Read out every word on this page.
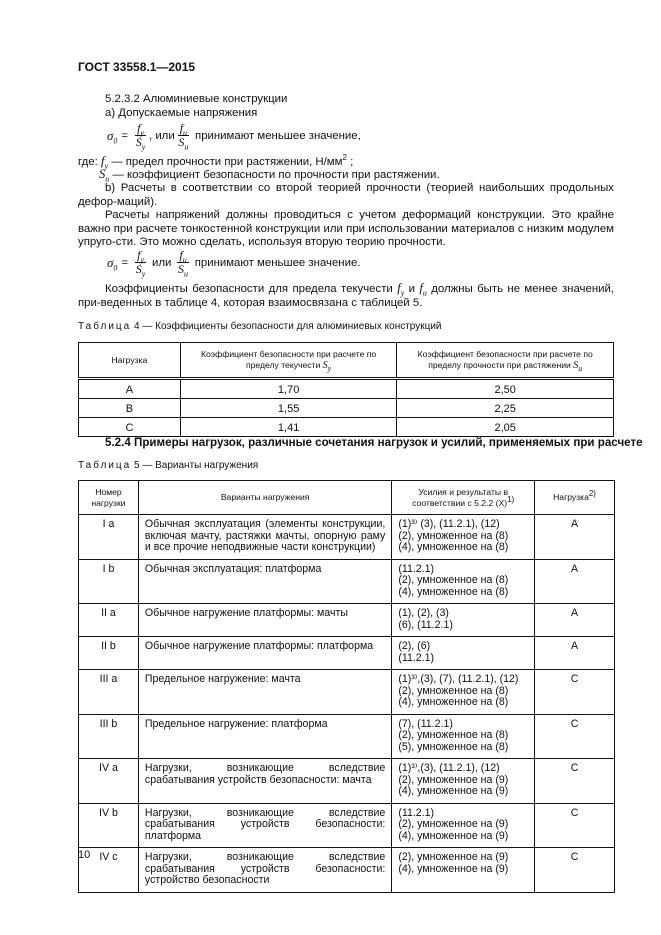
ГОСТ 33558.1—2015
5.2.3.2 Алюминиевые конструкции
а) Допускаемые напряжения
$\sigma_0 = \frac{f_y}{S_y}$ , или $\frac{f_u}{S_u}$ принимают меньшее значение,
где: $f_y$ — предел прочности при растяжении, $Н/мм^2$ ;
$S_u$ — коэффициент безопасности по прочности при растяжении.
b) Расчеты в соответствии со второй теорией прочности (теорией наибольших продольных дефор-маций).
Расчеты напряжений должны проводиться с учетом деформаций конструкции. Это крайне важно при расчете тонкостенной конструкции или при использовании материалов с низким модулем упруго-сти. Это можно сделать, используя вторую теорию прочности.
$\sigma_0 = \frac{f_y}{S_y}$ или $\frac{f_u}{S_u}$ принимают меньшее значение.
Коэффициенты безопасности для предела текучести $f_y$ и $f_u$ должны быть не менее значений, при-веденных в таблице 4, которая взаимосвязана с таблицей 5.
Таблица 4 — Коэффициенты безопасности для алюминиевых конструкций
Нагрузка	Коэффициент безопасности при расчете по пределу текучести $S_y$	Коэффициент безопасности при расчете по пределу прочности при растяжении $S_u$
A	1,70	2,50
B	1,55	2,25
C	1,41	2,05
5.2.4 Примеры нагрузок, различные сочетания нагрузок и усилий, применяемых при расчете
Таблица 5 — Варианты нагружения
Номер нагрузки	Варианты нагружения	Усилия и результаты в соответствии с 5.2.2 $(X)^{1)}$	Нагрузка$^{2)}$
I a	Обычная эксплуатация (элементы конструкции, включая мачту, растяжки мачты, опорную раму и все прочие неподвижные части конструкции)	(1)³⁾ (3), (11.2.1), (12)
(2), умноженное на (8)
(4), умноженное на (8)	A
I b	Обычная эксплуатация: платформа	(11.2.1)
(2), умноженное на (8)
(4), умноженное на (8)	A
II a	Обычное нагружение платформы: мачты	(1), (2), (3)
(6), (11.2.1)	A
II b	Обычное нагружение платформы: платформа	(2), (6)
(11.2.1)	A
III a	Предельное нагружение: мачта	(1)³⁾,(3), (7), (11.2.1), (12)
(2), умноженное на (8)
(4), умноженное на (8)	C
III b	Предельное нагружение: платформа	(7), (11.2.1)
(2), умноженное на (8)
(5), умноженное на (8)	C
IV a	Нагрузки, возникающие вследствие срабатывания устройств безопасности: мачта	(1)³⁾,(3), (11.2.1), (12)
(2), умноженное на (9)
(4), умноженное на (9)	C
IV b	Нагрузки, возникающие вследствие срабатывания устройств безопасности: платформа	(11.2.1)
(2), умноженное на (9)
(4), умноженное на (9)	C
IV c	Нагрузки, возникающие вследствие срабатывания устройств безопасности: устройство безопасности	(2), умноженное на (9)
(4), умноженное на (9)	C
10
